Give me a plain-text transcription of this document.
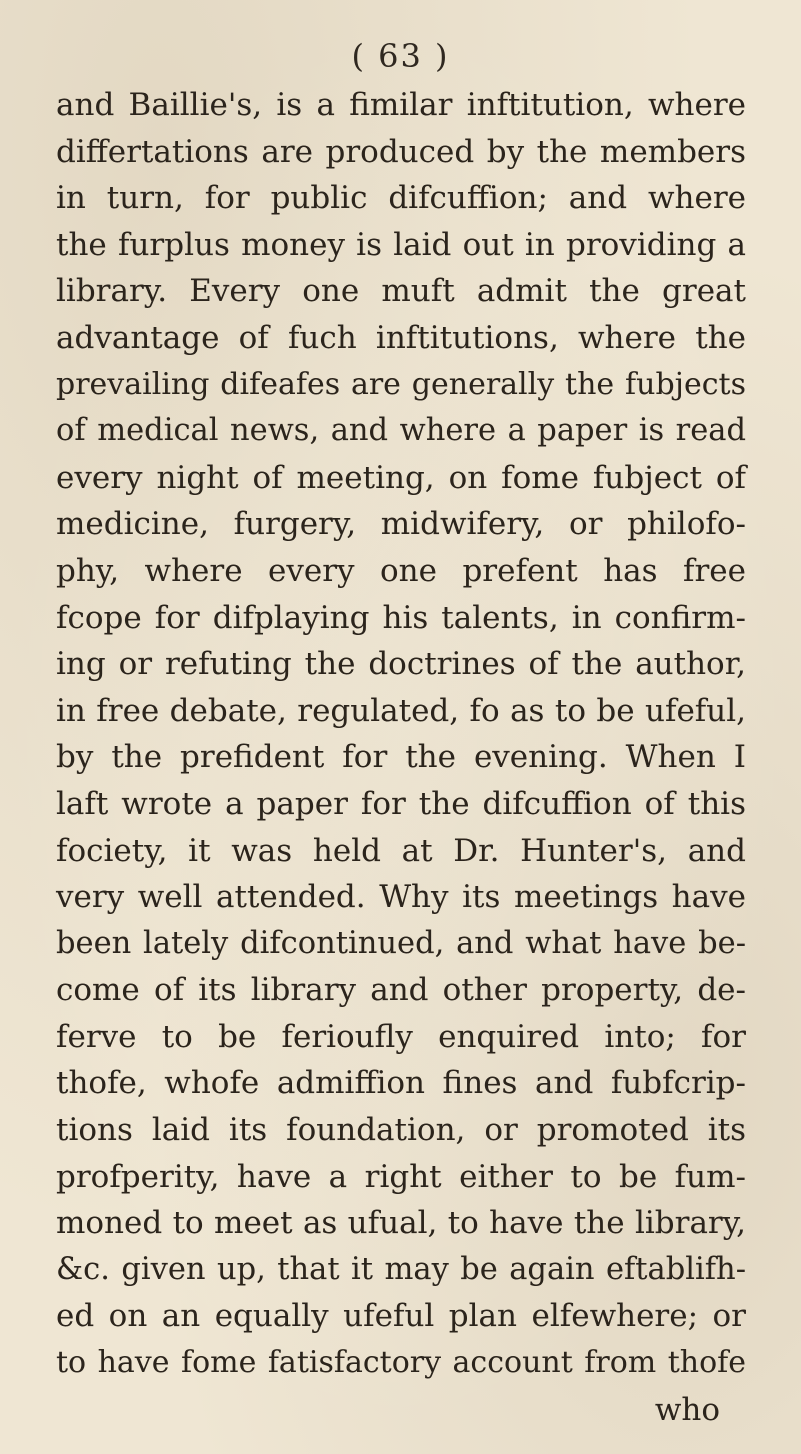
( 63 )
and Baillie's, is a fimilar inftitution, where
differtations are produced by the members
in turn, for public difcuffion; and where
the furplus money is laid out in providing a
library. Every one muft admit the great
advantage of fuch inftitutions, where the
prevailing difeafes are generally the fubjects
of medical news, and where a paper is read
every night of meeting, on fome fubject of
medicine, furgery, midwifery, or philofo-
phy, where every one prefent has free
fcope for difplaying his talents, in confirm-
ing or refuting the doctrines of the author,
in free debate, regulated, fo as to be ufeful,
by the prefident for the evening. When I
laft wrote a paper for the difcuffion of this
fociety, it was held at Dr. Hunter's, and
very well attended. Why its meetings have
been lately difcontinued, and what have be-
come of its library and other property, de-
ferve to be ferioufly enquired into; for
thofe, whofe admiffion fines and fubfcrip-
tions laid its foundation, or promoted its
profperity, have a right either to be fum-
moned to meet as ufual, to have the library,
&c. given up, that it may be again eftablifh-
ed on an equally ufeful plan elfewhere; or
to have fome fatisfactory account from thofe
who
